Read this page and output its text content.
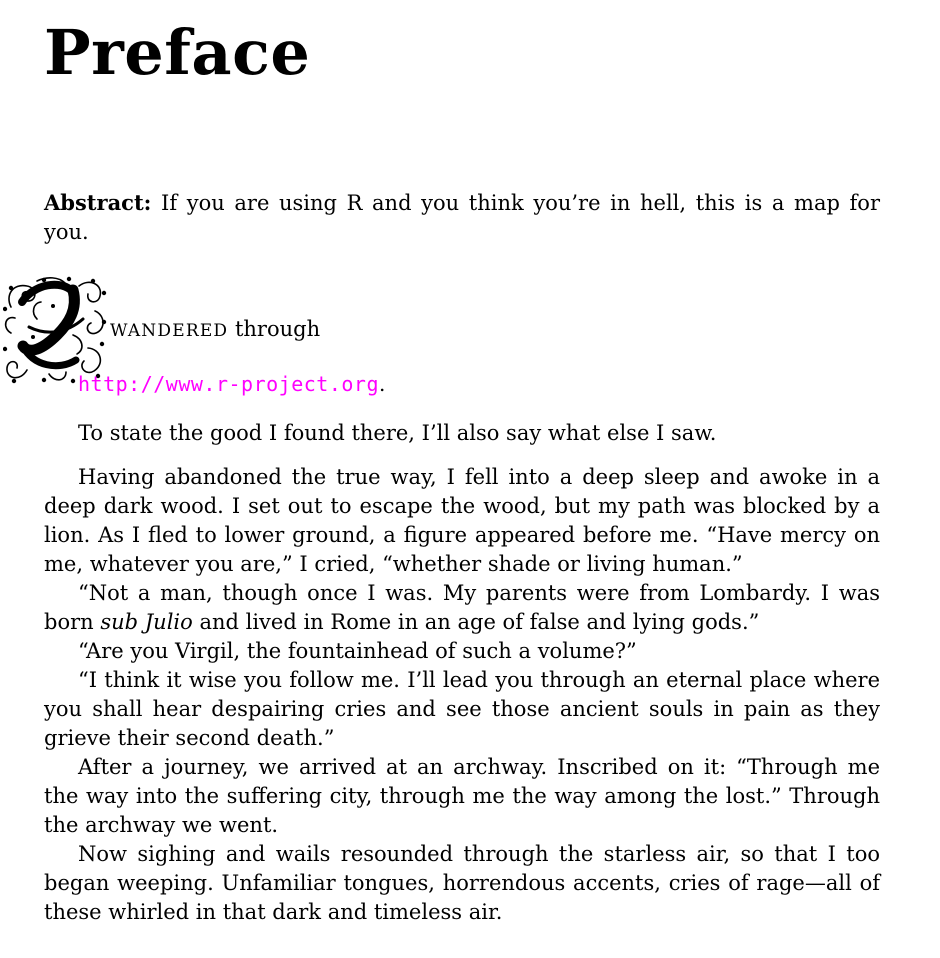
Preface

Abstract: If you are using R and you think you’re in hell, this is a map for you.

WANDERED through
http://www.r-project.org.

To state the good I found there, I’ll also say what else I saw.

Having abandoned the true way, I fell into a deep sleep and awoke in a deep dark wood. I set out to escape the wood, but my path was blocked by a lion. As I fled to lower ground, a figure appeared before me. “Have mercy on me, whatever you are,” I cried, “whether shade or living human.”

“Not a man, though once I was. My parents were from Lombardy. I was born sub Julio and lived in Rome in an age of false and lying gods.”

“Are you Virgil, the fountainhead of such a volume?”

“I think it wise you follow me. I’ll lead you through an eternal place where you shall hear despairing cries and see those ancient souls in pain as they grieve their second death.”

After a journey, we arrived at an archway. Inscribed on it: “Through me the way into the suffering city, through me the way among the lost.” Through the archway we went.

Now sighing and wails resounded through the starless air, so that I too began weeping. Unfamiliar tongues, horrendous accents, cries of rage—all of these whirled in that dark and timeless air.
